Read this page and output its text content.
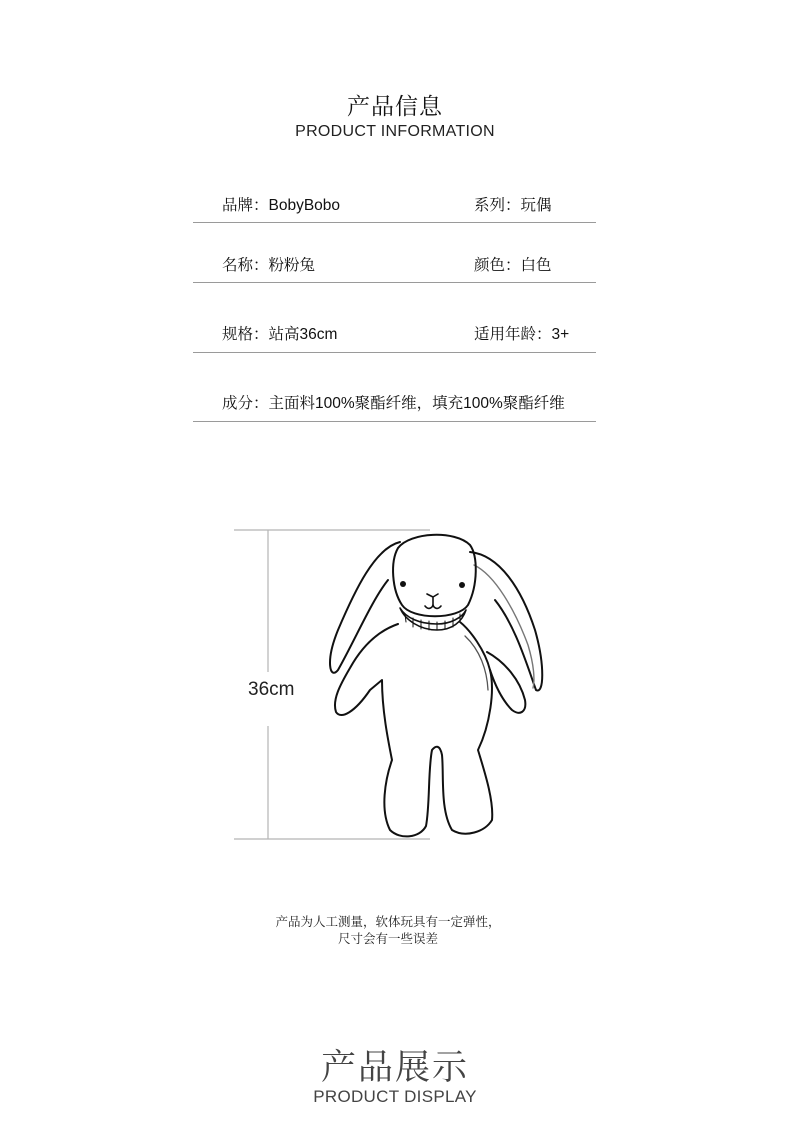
产品信息
PRODUCT INFORMATION
品牌：BobyBobo	系列：玩偶
名称：粉粉兔	颜色：白色
规格：站高36cm	适用年龄：3+
成分：主面料100%聚酯纤维，填充100%聚酯纤维
36cm
产品为人工测量，软体玩具有一定弹性，
尺寸会有一些误差
产品展示
PRODUCT DISPLAY
